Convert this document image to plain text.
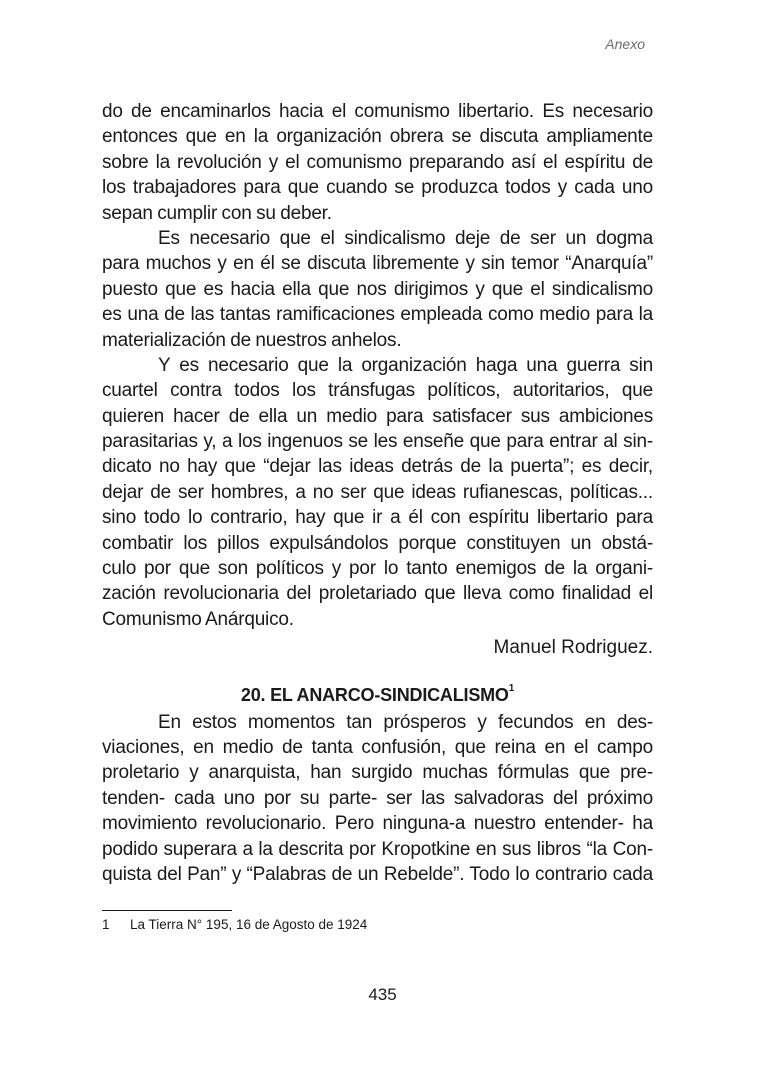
Anexo
do de encaminarlos hacia el comunismo libertario. Es necesario
entonces que en la organización obrera se discuta ampliamente
sobre la revolución y el comunismo preparando así el espíritu de
los trabajadores para que cuando se produzca todos y cada uno
sepan cumplir con su deber.
Es necesario que el sindicalismo deje de ser un dogma
para muchos y en él se discuta libremente y sin temor “Anarquía”
puesto que es hacia ella que nos dirigimos y que el sindicalismo
es una de las tantas ramificaciones empleada como medio para la
materialización de nuestros anhelos.
Y es necesario que la organización haga una guerra sin
cuartel contra todos los tránsfugas políticos, autoritarios, que
quieren hacer de ella un medio para satisfacer sus ambiciones
parasitarias y, a los ingenuos se les enseñe que para entrar al sin-
dicato no hay que “dejar las ideas detrás de la puerta”; es decir,
dejar de ser hombres, a no ser que ideas rufianescas, políticas...
sino todo lo contrario, hay que ir a él con espíritu libertario para
combatir los pillos expulsándolos porque constituyen un obstá-
culo por que son políticos y por lo tanto enemigos de la organi-
zación revolucionaria del proletariado que lleva como finalidad el
Comunismo Anárquico.
Manuel Rodriguez.
20. EL ANARCO-SINDICALISMO$^1$
En estos momentos tan prósperos y fecundos en des-
viaciones, en medio de tanta confusión, que reina en el campo
proletario y anarquista, han surgido muchas fórmulas que pre-
tenden- cada uno por su parte- ser las salvadoras del próximo
movimiento revolucionario. Pero ninguna-a nuestro entender- ha
podido superara a la descrita por Kropotkine en sus libros “la Con-
quista del Pan” y “Palabras de un Rebelde”. Todo lo contrario cada
1 La Tierra N° 195, 16 de Agosto de 1924
435
